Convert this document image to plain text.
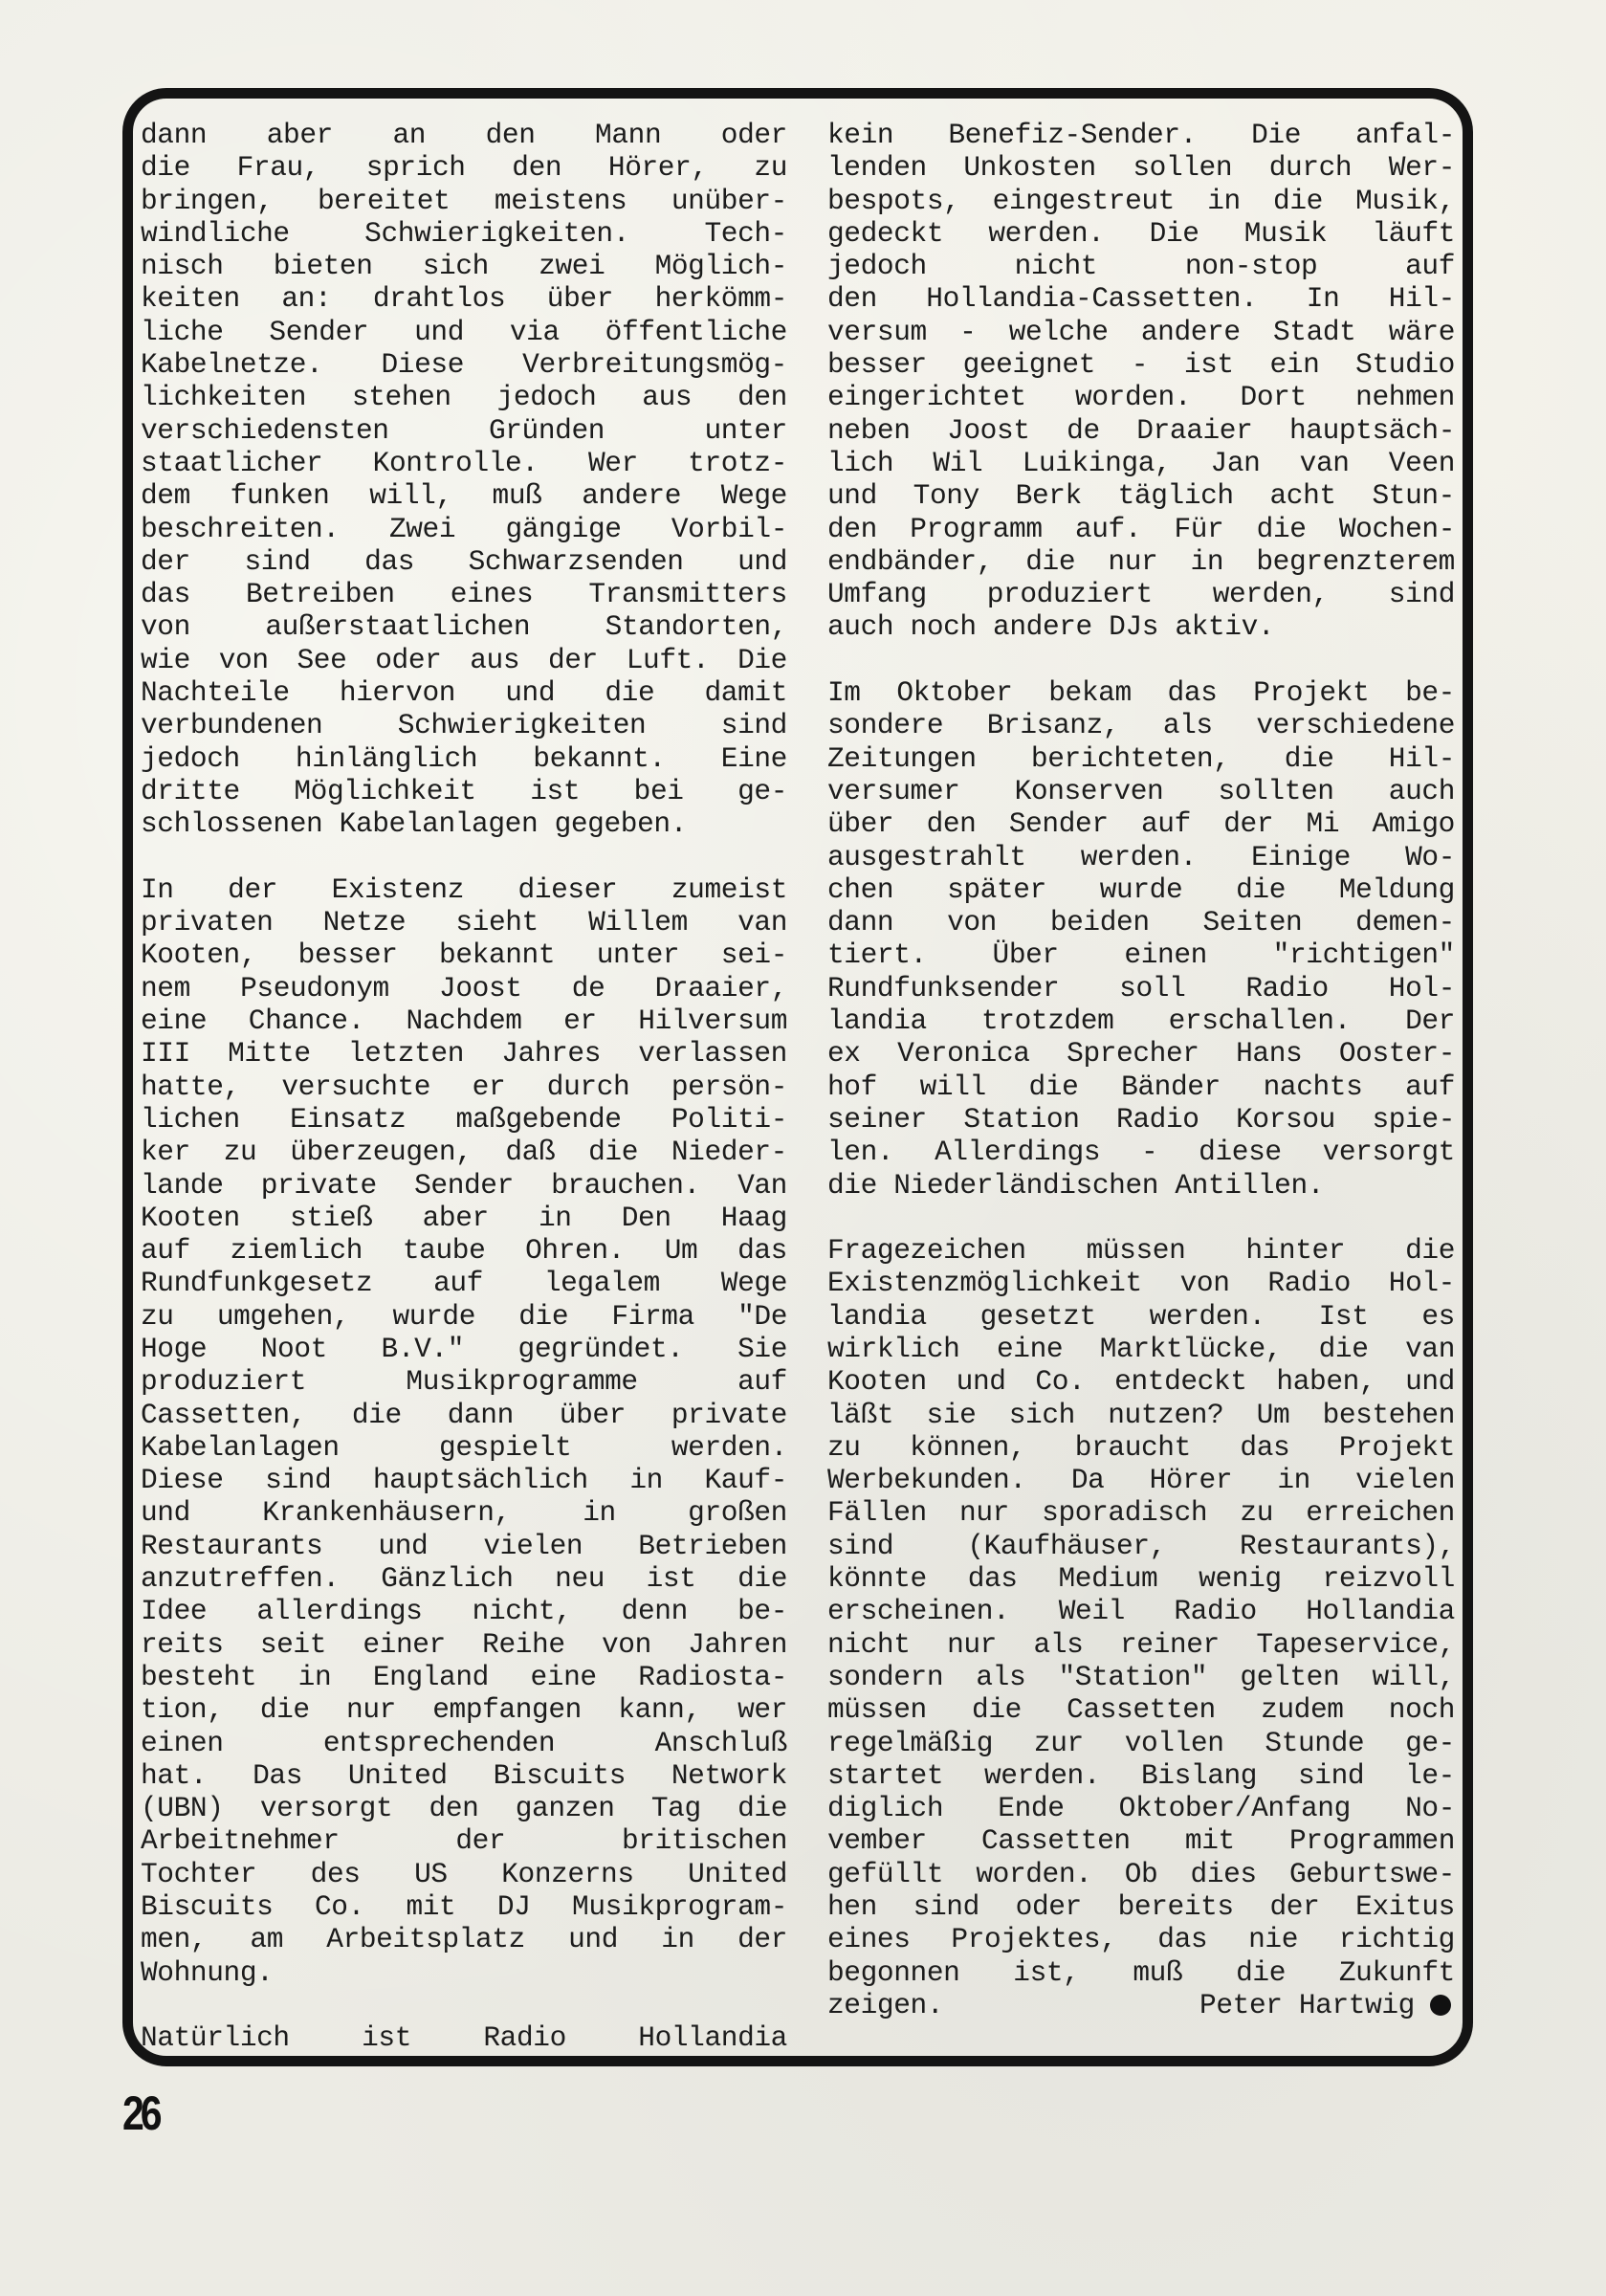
dann aber an den Mann oder
die Frau, sprich den Hörer, zu
bringen, bereitet meistens unüber-
windliche Schwierigkeiten. Tech-
nisch bieten sich zwei Möglich-
keiten an: drahtlos über herkömm-
liche Sender und via öffentliche
Kabelnetze. Diese Verbreitungsmög-
lichkeiten stehen jedoch aus den
verschiedensten Gründen unter
staatlicher Kontrolle. Wer trotz-
dem funken will, muß andere Wege
beschreiten. Zwei gängige Vorbil-
der sind das Schwarzsenden und
das Betreiben eines Transmitters
von außerstaatlichen Standorten,
wie von See oder aus der Luft. Die
Nachteile hiervon und die damit
verbundenen Schwierigkeiten sind
jedoch hinlänglich bekannt. Eine
dritte Möglichkeit ist bei ge-
schlossenen Kabelanlagen gegeben.
In der Existenz dieser zumeist
privaten Netze sieht Willem van
Kooten, besser bekannt unter sei-
nem Pseudonym Joost de Draaier,
eine Chance. Nachdem er Hilversum
III Mitte letzten Jahres verlassen
hatte, versuchte er durch persön-
lichen Einsatz maßgebende Politi-
ker zu überzeugen, daß die Nieder-
lande private Sender brauchen. Van
Kooten stieß aber in Den Haag
auf ziemlich taube Ohren. Um das
Rundfunkgesetz auf legalem Wege
zu umgehen, wurde die Firma "De
Hoge Noot B.V." gegründet. Sie
produziert Musikprogramme auf
Cassetten, die dann über private
Kabelanlagen gespielt werden.
Diese sind hauptsächlich in Kauf-
und Krankenhäusern, in großen
Restaurants und vielen Betrieben
anzutreffen. Gänzlich neu ist die
Idee allerdings nicht, denn be-
reits seit einer Reihe von Jahren
besteht in England eine Radiosta-
tion, die nur empfangen kann, wer
einen entsprechenden Anschluß
hat. Das United Biscuits Network
(UBN) versorgt den ganzen Tag die
Arbeitnehmer der britischen
Tochter des US Konzerns United
Biscuits Co. mit DJ Musikprogram-
men, am Arbeitsplatz und in der
Wohnung.
Natürlich ist Radio Hollandia
kein Benefiz-Sender. Die anfal-
lenden Unkosten sollen durch Wer-
bespots, eingestreut in die Musik,
gedeckt werden. Die Musik läuft
jedoch nicht non-stop auf
den Hollandia-Cassetten. In Hil-
versum - welche andere Stadt wäre
besser geeignet - ist ein Studio
eingerichtet worden. Dort nehmen
neben Joost de Draaier hauptsäch-
lich Wil Luikinga, Jan van Veen
und Tony Berk täglich acht Stun-
den Programm auf. Für die Wochen-
endbänder, die nur in begrenzterem
Umfang produziert werden, sind
auch noch andere DJs aktiv.
Im Oktober bekam das Projekt be-
sondere Brisanz, als verschiedene
Zeitungen berichteten, die Hil-
versumer Konserven sollten auch
über den Sender auf der Mi Amigo
ausgestrahlt werden. Einige Wo-
chen später wurde die Meldung
dann von beiden Seiten demen-
tiert. Über einen "richtigen"
Rundfunksender soll Radio Hol-
landia trotzdem erschallen. Der
ex Veronica Sprecher Hans Ooster-
hof will die Bänder nachts auf
seiner Station Radio Korsou spie-
len. Allerdings - diese versorgt
die Niederländischen Antillen.
Fragezeichen müssen hinter die
Existenzmöglichkeit von Radio Hol-
landia gesetzt werden. Ist es
wirklich eine Marktlücke, die van
Kooten und Co. entdeckt haben, und
läßt sie sich nutzen? Um bestehen
zu können, braucht das Projekt
Werbekunden. Da Hörer in vielen
Fällen nur sporadisch zu erreichen
sind (Kaufhäuser, Restaurants),
könnte das Medium wenig reizvoll
erscheinen. Weil Radio Hollandia
nicht nur als reiner Tapeservice,
sondern als "Station" gelten will,
müssen die Cassetten zudem noch
regelmäßig zur vollen Stunde ge-
startet werden. Bislang sind le-
diglich Ende Oktober/Anfang No-
vember Cassetten mit Programmen
gefüllt worden. Ob dies Geburtswe-
hen sind oder bereits der Exitus
eines Projektes, das nie richtig
begonnen ist, muß die Zukunft
zeigen.	Peter Hartwig
26
